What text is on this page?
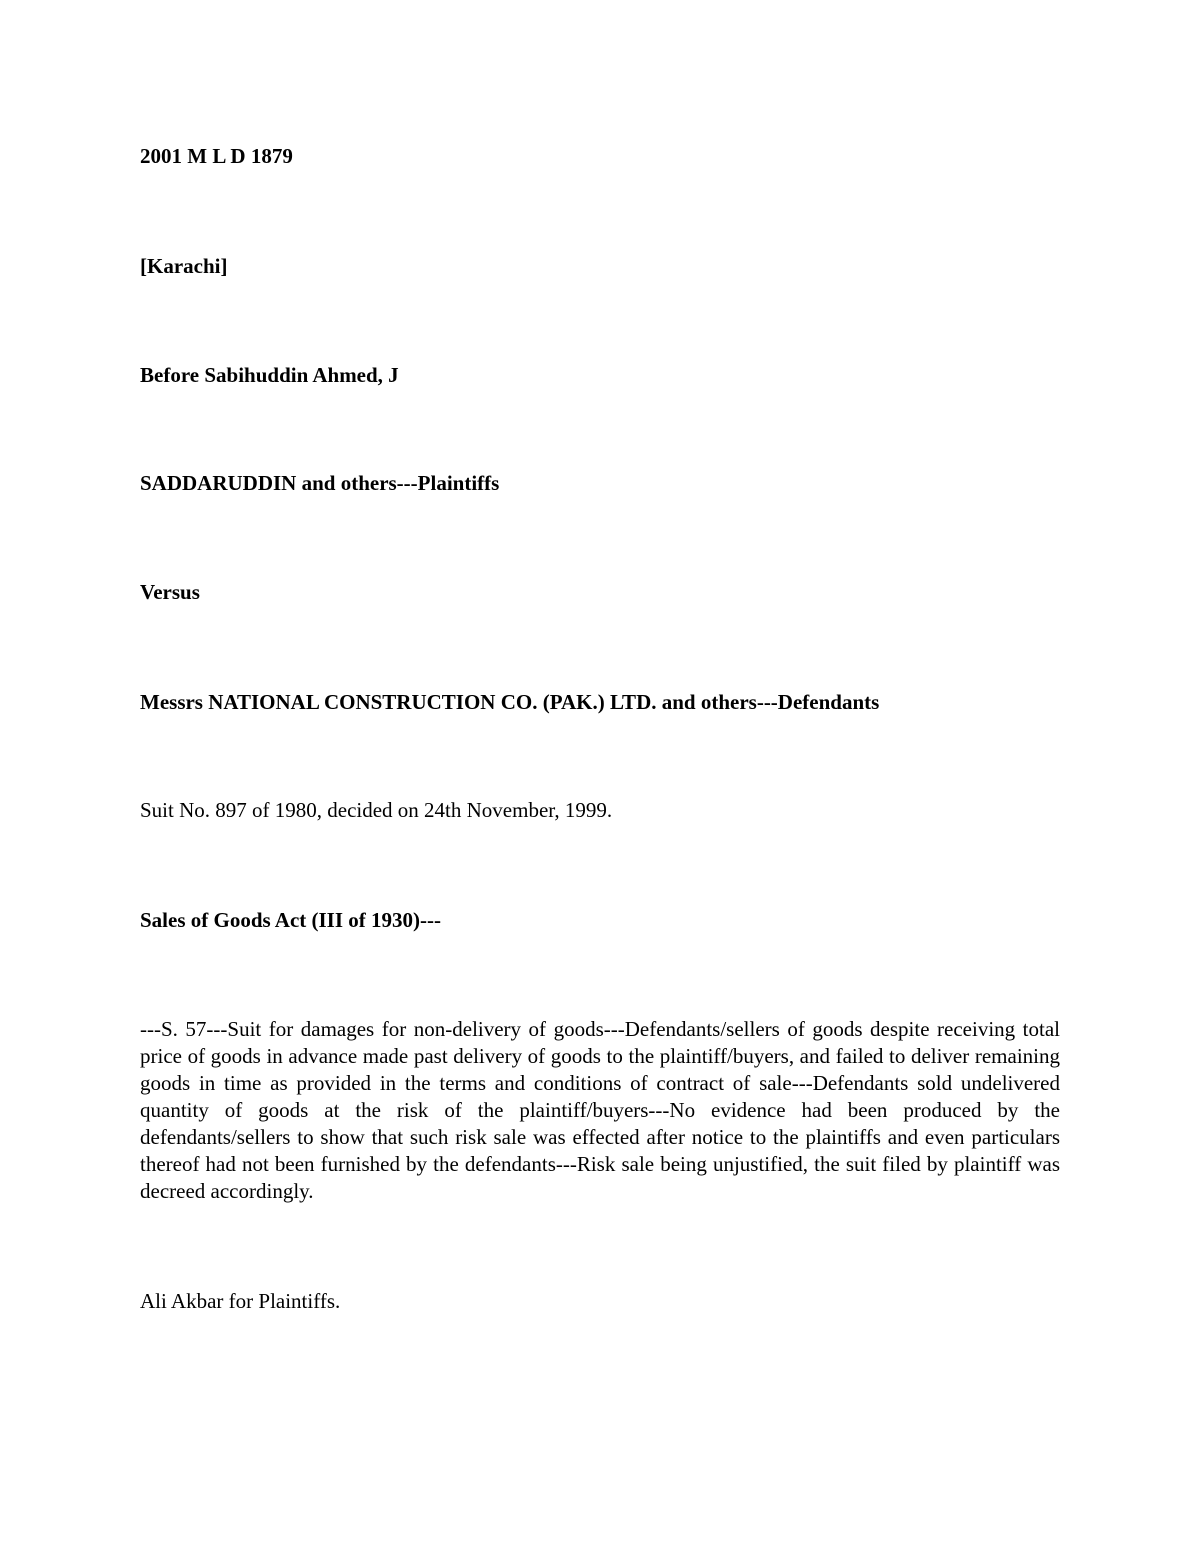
2001 M L D 1879

[Karachi]

Before Sabihuddin Ahmed, J

SADDARUDDIN and others---Plaintiffs

Versus

Messrs NATIONAL CONSTRUCTION CO. (PAK.) LTD. and others---Defendants

Suit No. 897 of 1980, decided on 24th November, 1999.

Sales of Goods Act (III of 1930)---

---S. 57---Suit for damages for non-delivery of goods---Defendants/sellers of goods despite receiving total price of goods in advance made past delivery of goods to the plaintiff/buyers, and failed to deliver remaining goods in time as provided in the terms and conditions of contract of sale---Defendants sold undelivered quantity of goods at the risk of the plaintiff/buyers---No evidence had been produced by the defendants/sellers to show that such risk sale was effected after notice to the plaintiffs and even particulars thereof had not been furnished by the defendants---Risk sale being unjustified, the suit filed by plaintiff was decreed accordingly.

Ali Akbar for Plaintiffs.
